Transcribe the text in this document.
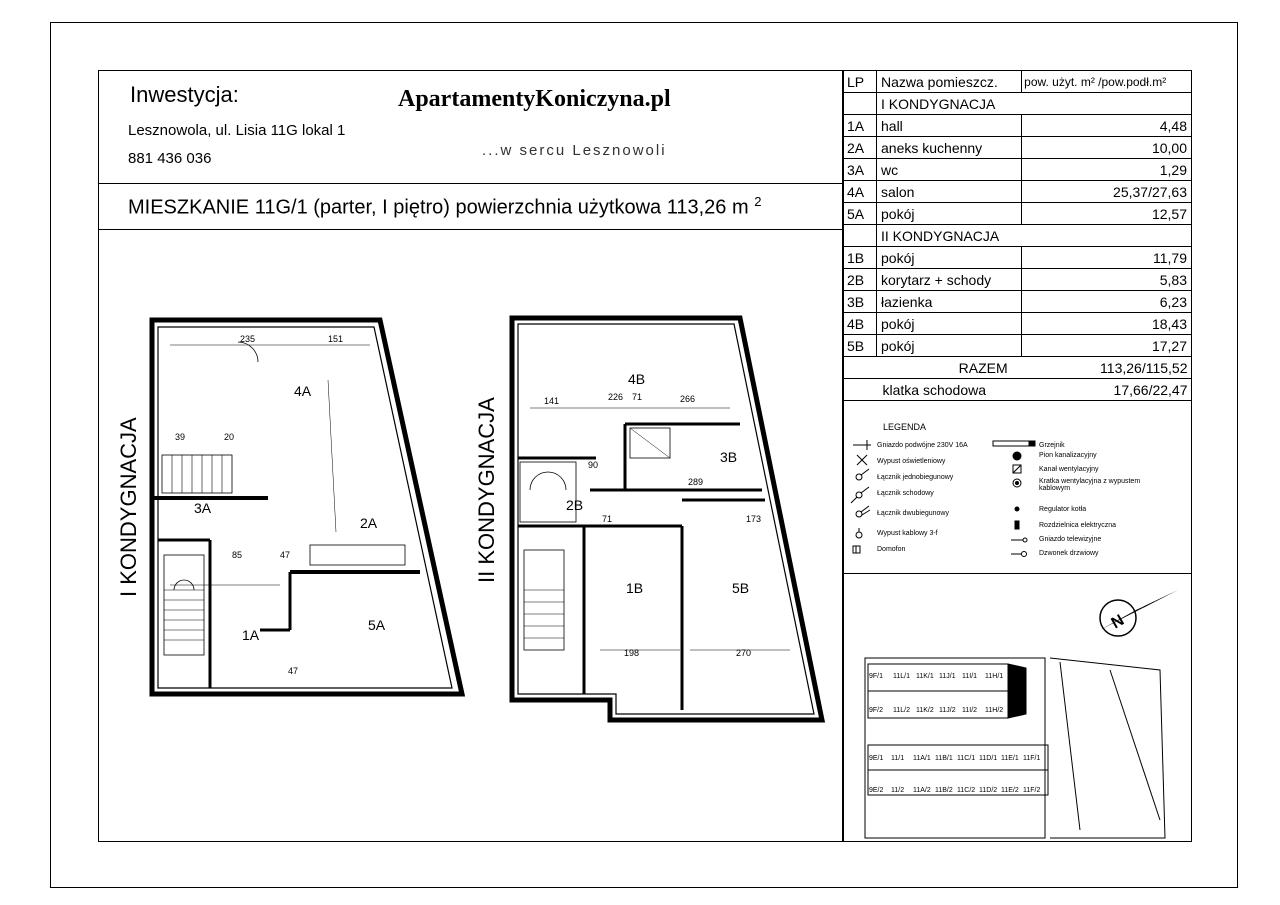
Inwestycja:
Lesznowola, ul. Lisia 11G lokal 1
881 436 036
ApartamentyKoniczyna.pl
...w sercu Lesznowoli
MIESZKANIE 11G/1 (parter, I piętro) powierzchnia użytkowa 113,26 m $^2$
LP	Nazwa pomieszcz.	pow. użyt. m² /pow.podł.m²
	I KONDYGNACJA	
1A	hall	4,48
2A	aneks kuchenny	10,00
3A	wc	1,29
4A	salon	25,37/27,63
5A	pokój	12,57
	II KONDYGNACJA	
1B	pokój	11,79
2B	korytarz + schody	5,83
3B	łazienka	6,23
4B	pokój	18,43
5B	pokój	17,27
RAZEM		113,26/115,52
klatka schodowa		17,66/22,47
LEGENDA
Gniazdo podwójne 230V 16A
Wypust oświetleniowy
Łącznik jednobiegunowy
Łącznik schodowy
Łącznik dwubiegunowy
Wypust kablowy 3-f
Domofon
Grzejnik
Pion kanalizacyjny
Kanał wentylacyjny
Kratka wentylacyjna z wypustem kablowym
Regulator kotła
Rozdzielnica elektryczna
Gniazdo telewizyjne
Dzwonek drzwiowy
I KONDYGNACJA	II KONDYGNACJA
4A
3A
2A
1A
5A
235	151
39	20
85	47
47
4B
3B
2B
1B	5B
141	226 71	266
90
289
71	173
198	270
N
9F/1 11L/1 11K/1 11J/1 11I/1 11H/1
9F/2 11L/2 11K/2 11J/2 11I/2 11H/2
9E/1 11/1 11A/1 11B/1 11C/1 11D/1 11E/1 11F/1
9E/2 11/2 11A/2 11B/2 11C/2 11D/2 11E/2 11F/2
